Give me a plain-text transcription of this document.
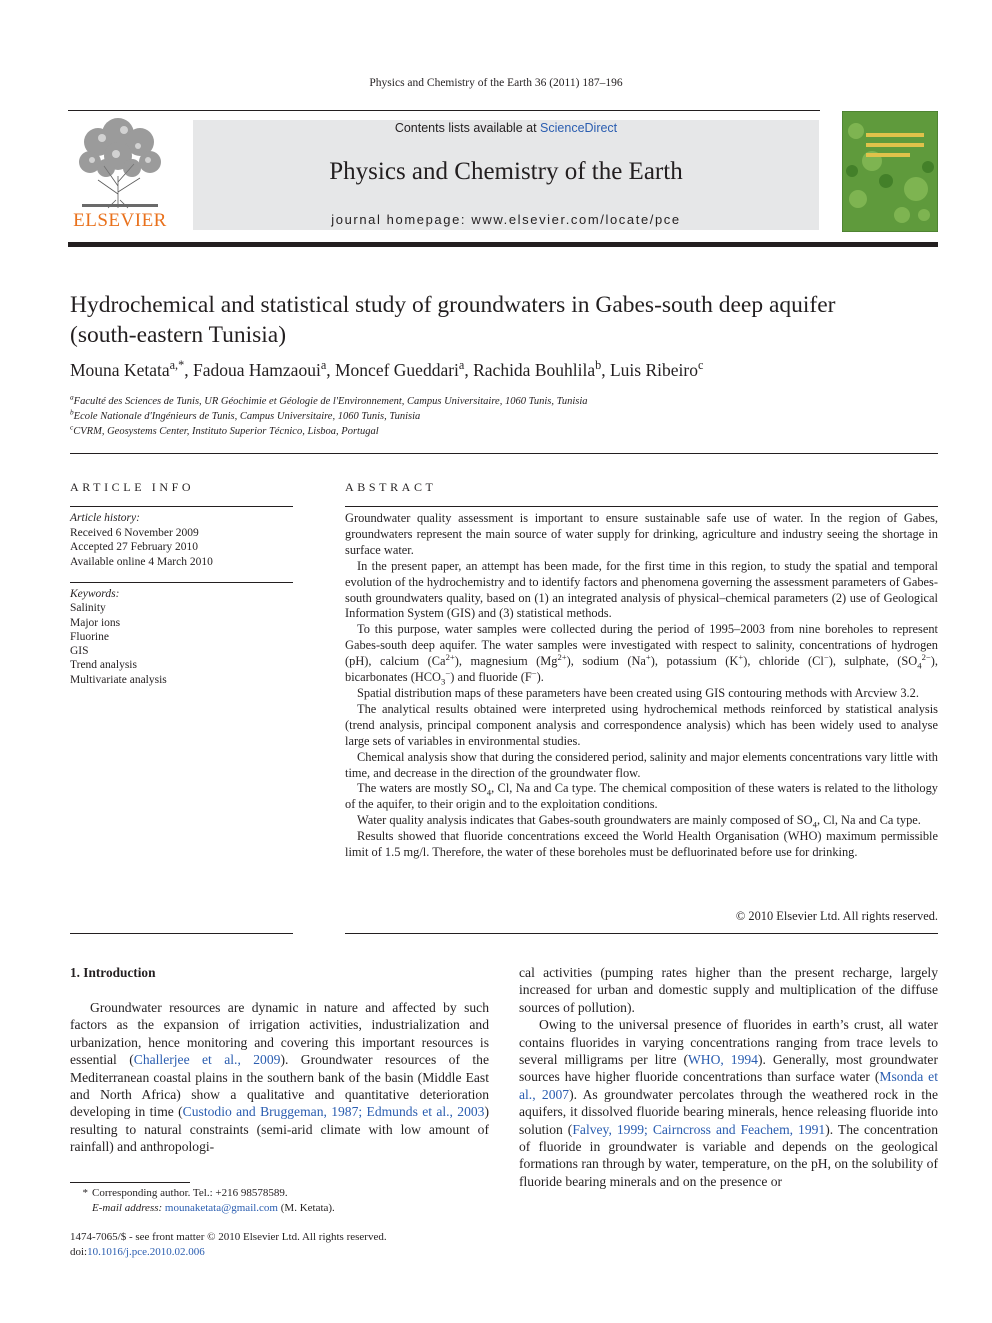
Physics and Chemistry of the Earth 36 (2011) 187–196
ELSEVIER
Contents lists available at ScienceDirect
Physics and Chemistry of the Earth
journal homepage: www.elsevier.com/locate/pce
Hydrochemical and statistical study of groundwaters in Gabes-south deep aquifer
(south-eastern Tunisia)
Mouna Ketata$^{a,*}$, Fadoua Hamzaoui$^a$, Moncef Gueddari$^a$, Rachida Bouhlila$^b$, Luis Ribeiro$^c$
$^a$Faculté des Sciences de Tunis, UR Géochimie et Géologie de l'Environnement, Campus Universitaire, 1060 Tunis, Tunisia
$^b$Ecole Nationale d'Ingénieurs de Tunis, Campus Universitaire, 1060 Tunis, Tunisia
$^c$CVRM, Geosystems Center, Instituto Superior Técnico, Lisboa, Portugal
ARTICLE INFO	ABSTRACT
Article history:
Received 6 November 2009
Accepted 27 February 2010
Available online 4 March 2010
Keywords:
Salinity
Major ions
Fluorine
GIS
Trend analysis
Multivariate analysis

Groundwater quality assessment is important to ensure sustainable safe use of water. In the region of Gabes, groundwaters represent the main source of water supply for drinking, agriculture and industry seeing the shortage in surface water.

In the present paper, an attempt has been made, for the first time in this region, to study the spatial and temporal evolution of the hydrochemistry and to identify factors and phenomena governing the assessment parameters of Gabes-south groundwaters quality, based on (1) an integrated analysis of physical–chemical parameters (2) use of Geological Information System (GIS) and (3) statistical methods.

To this purpose, water samples were collected during the period of 1995–2003 from nine boreholes to represent Gabes-south deep aquifer. The water samples were investigated with respect to salinity, concentrations of hydrogen (pH), calcium $(Ca^{2+})$, magnesium $(Mg^{2+})$, sodium (Na+), potassium (K+), chloride (Cl−), sulphate, $(SO_4^{2-})$, bicarbonates $(HCO_3^-)$ and fluoride (F−).

Spatial distribution maps of these parameters have been created using GIS contouring methods with Arcview 3.2.

The analytical results obtained were interpreted using hydrochemical methods reinforced by statistical analysis (trend analysis, principal component analysis and correspondence analysis) which has been widely used to analyse large sets of variables in environmental studies.

Chemical analysis show that during the considered period, salinity and major elements concentrations vary little with time, and decrease in the direction of the groundwater flow.

The waters are mostly $SO_4$, Cl, Na and Ca type. The chemical composition of these waters is related to the lithology of the aquifer, to their origin and to the exploitation conditions.

Water quality analysis indicates that Gabes-south groundwaters are mainly composed of $SO_4$, Cl, Na and Ca type.

Results showed that fluoride concentrations exceed the World Health Organisation (WHO) maximum permissible limit of 1.5 mg/l. Therefore, the water of these boreholes must be defluorinated before use for drinking.

© 2010 Elsevier Ltd. All rights reserved.
1. Introduction

Groundwater resources are dynamic in nature and affected by such factors as the expansion of irrigation activities, industrialization and urbanization, hence monitoring and covering this important resources is essential (Challerjee et al., 2009). Groundwater resources of the Mediterranean coastal plains in the southern bank of the basin (Middle East and North Africa) show a qualitative and quantitative deterioration developing in time (Custodio and Bruggeman, 1987; Edmunds et al., 2003) resulting to natural constraints (semi-arid climate with low amount of rainfall) and anthropologi-

cal activities (pumping rates higher than the present recharge, largely increased for urban and domestic supply and multiplication of the diffuse sources of pollution).

Owing to the universal presence of fluorides in earth’s crust, all water contains fluorides in varying concentrations ranging from trace levels to several milligrams per litre (WHO, 1994). Generally, most groundwater sources have higher fluoride concentrations than surface water (Msonda et al., 2007). As groundwater percolates through the weathered rock in the aquifers, it dissolved fluoride bearing minerals, hence releasing fluoride into solution (Falvey, 1999; Cairncross and Feachem, 1991). The concentration of fluoride in groundwater is variable and depends on the geological formations ran through by water, temperature, on the pH, on the solubility of fluoride bearing minerals and on the presence or

* Corresponding author. Tel.: +216 98578589.
E-mail address: mounaketata@gmail.com (M. Ketata).
1474-7065/$ - see front matter © 2010 Elsevier Ltd. All rights reserved.
doi:10.1016/j.pce.2010.02.006
